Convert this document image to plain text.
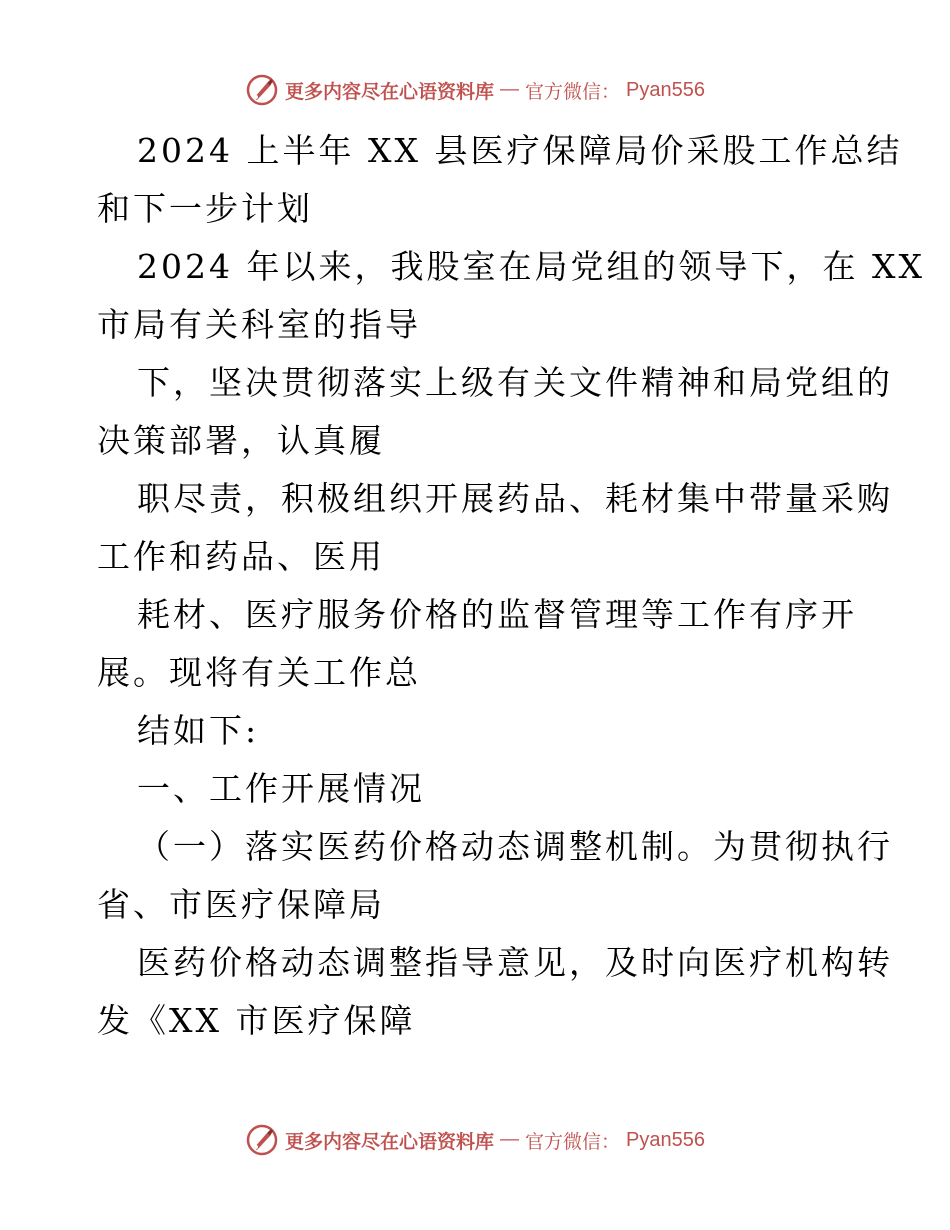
更多内容尽在心语资料库 — 官方微信： Pyan556
2024 上半年 XX 县医疗保障局价采股工作总结
和下一步计划
2024 年以来，我股室在局党组的领导下，在 XX
市局有关科室的指导
下，坚决贯彻落实上级有关文件精神和局党组的
决策部署，认真履
职尽责，积极组织开展药品、耗材集中带量采购
工作和药品、医用
耗材、医疗服务价格的监督管理等工作有序开
展。现将有关工作总
结如下:
一、工作开展情况
（一）落实医药价格动态调整机制。为贯彻执行
省、市医疗保障局
医药价格动态调整指导意见，及时向医疗机构转
发《XX 市医疗保障
更多内容尽在心语资料库 — 官方微信： Pyan556
